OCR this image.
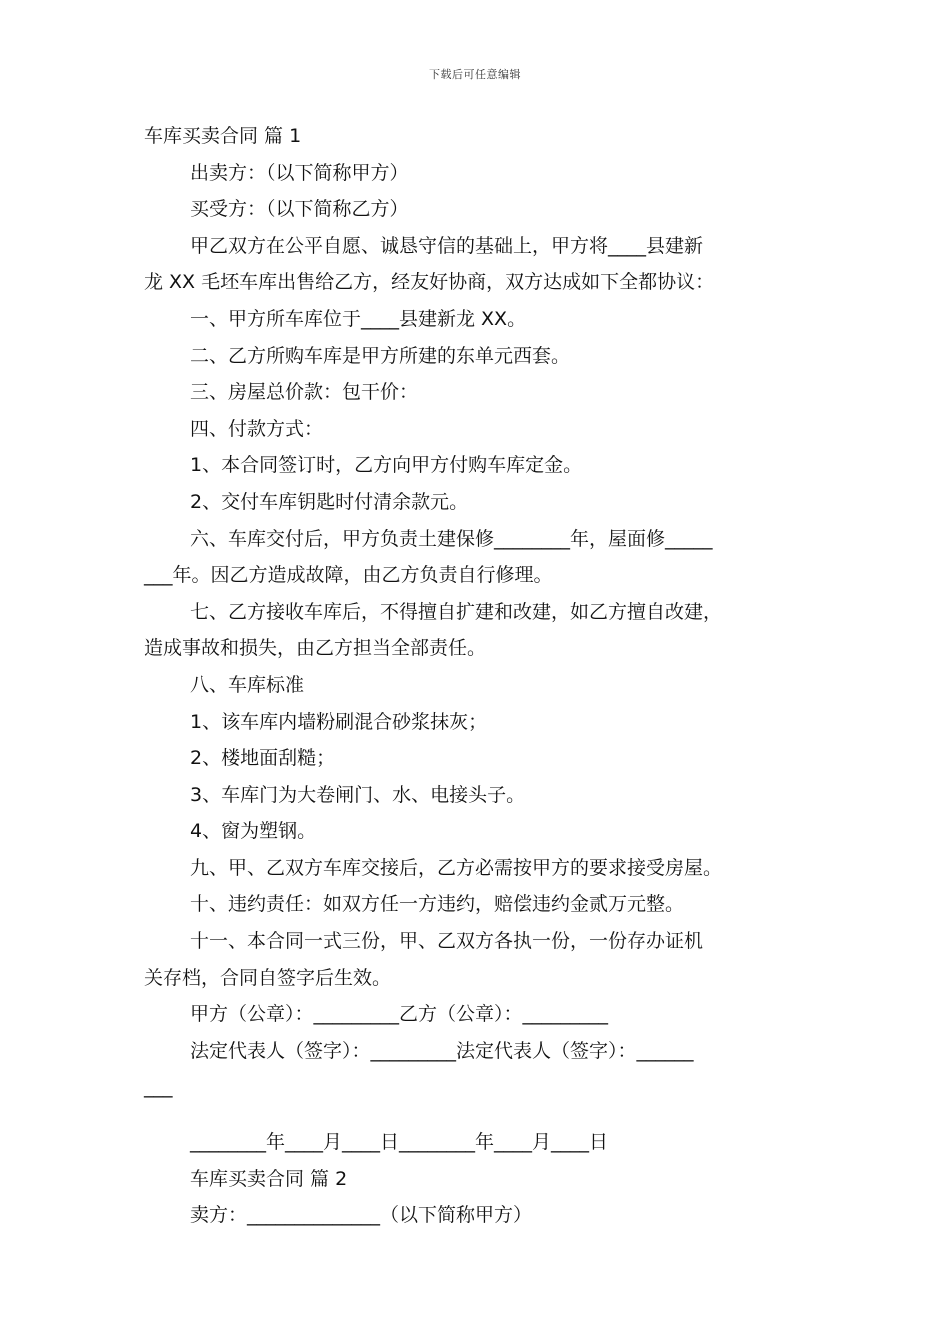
下载后可任意编辑
车库买卖合同 篇 1
出卖方：（以下简称甲方）
买受方：（以下简称乙方）
甲乙双方在公平自愿、诚恳守信的基础上，甲方将____县建新
龙 XX 毛坯车库出售给乙方，经友好协商，双方达成如下全都协议：
一、甲方所车库位于____县建新龙 XX。
二、乙方所购车库是甲方所建的东单元西套。
三、房屋总价款：包干价：
四、付款方式：
1、本合同签订时，乙方向甲方付购车库定金。
2、交付车库钥匙时付清余款元。
六、车库交付后，甲方负责土建保修________年，屋面修_____
___年。因乙方造成故障，由乙方负责自行修理。
七、乙方接收车库后，不得擅自扩建和改建，如乙方擅自改建，
造成事故和损失，由乙方担当全部责任。
八、车库标准
1、该车库内墙粉刷混合砂浆抹灰；
2、楼地面刮糙；
3、车库门为大卷闸门、水、电接头子。
4、窗为塑钢。
九、甲、乙双方车库交接后，乙方必需按甲方的要求接受房屋。
十、违约责任：如双方任一方违约，赔偿违约金贰万元整。
十一、本合同一式三份，甲、乙双方各执一份，一份存办证机
关存档，合同自签字后生效。
甲方（公章）：_________乙方（公章）：_________
法定代表人（签字）：_________法定代表人（签字）：______
___
________年____月____日________年____月____日
车库买卖合同 篇 2
卖方：______________（以下简称甲方）
